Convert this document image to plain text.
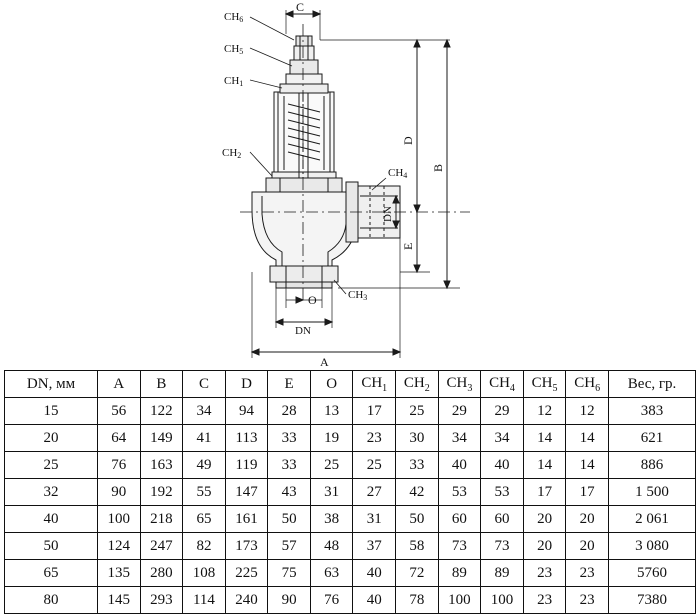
CH6
CH5
CH1
CH2
CH3
CH4
C
D
B
E
DN
O
DN
A
DN, мм	A	B	C	D	E	O	$CH_1$	$CH_2$	$CH_3$	$CH_4$	$CH_5$	$CH_6$	Вес, гр.
15	56	122	34	94	28	13	17	25	29	29	12	12	383
20	64	149	41	113	33	19	23	30	34	34	14	14	621
25	76	163	49	119	33	25	25	33	40	40	14	14	886
32	90	192	55	147	43	31	27	42	53	53	17	17	1 500
40	100	218	65	161	50	38	31	50	60	60	20	20	2 061
50	124	247	82	173	57	48	37	58	73	73	20	20	3 080
65	135	280	108	225	75	63	40	72	89	89	23	23	5760
80	145	293	114	240	90	76	40	78	100	100	23	23	7380
